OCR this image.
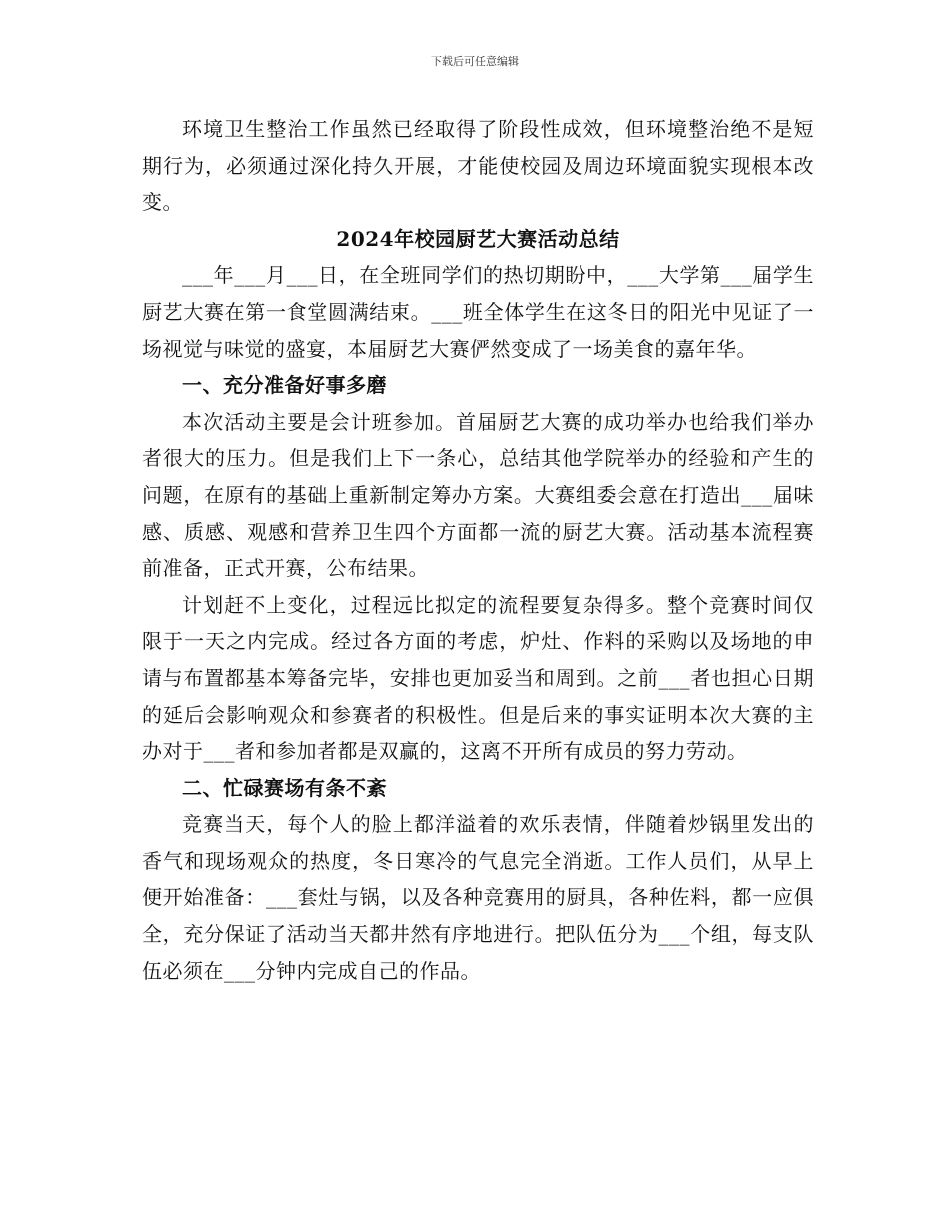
下载后可任意编辑

环境卫生整治工作虽然已经取得了阶段性成效，但环境整治绝不是短期行为，必须通过深化持久开展，才能使校园及周边环境面貌实现根本改变。

2024年校园厨艺大赛活动总结

___年___月___日，在全班同学们的热切期盼中，___大学第___届学生厨艺大赛在第一食堂圆满结束。___班全体学生在这冬日的阳光中见证了一场视觉与味觉的盛宴，本届厨艺大赛俨然变成了一场美食的嘉年华。

一、充分准备好事多磨

本次活动主要是会计班参加。首届厨艺大赛的成功举办也给我们举办者很大的压力。但是我们上下一条心，总结其他学院举办的经验和产生的问题，在原有的基础上重新制定筹办方案。大赛组委会意在打造出___届味感、质感、观感和营养卫生四个方面都一流的厨艺大赛。活动基本流程赛前准备，正式开赛，公布结果。

计划赶不上变化，过程远比拟定的流程要复杂得多。整个竞赛时间仅限于一天之内完成。经过各方面的考虑，炉灶、作料的采购以及场地的申请与布置都基本筹备完毕，安排也更加妥当和周到。之前___者也担心日期的延后会影响观众和参赛者的积极性。但是后来的事实证明本次大赛的主办对于___者和参加者都是双赢的，这离不开所有成员的努力劳动。

二、忙碌赛场有条不紊

竞赛当天，每个人的脸上都洋溢着的欢乐表情，伴随着炒锅里发出的香气和现场观众的热度，冬日寒冷的气息完全消逝。工作人员们，从早上便开始准备：___套灶与锅，以及各种竞赛用的厨具，各种佐料，都一应俱全，充分保证了活动当天都井然有序地进行。把队伍分为___个组，每支队伍必须在___分钟内完成自己的作品。
